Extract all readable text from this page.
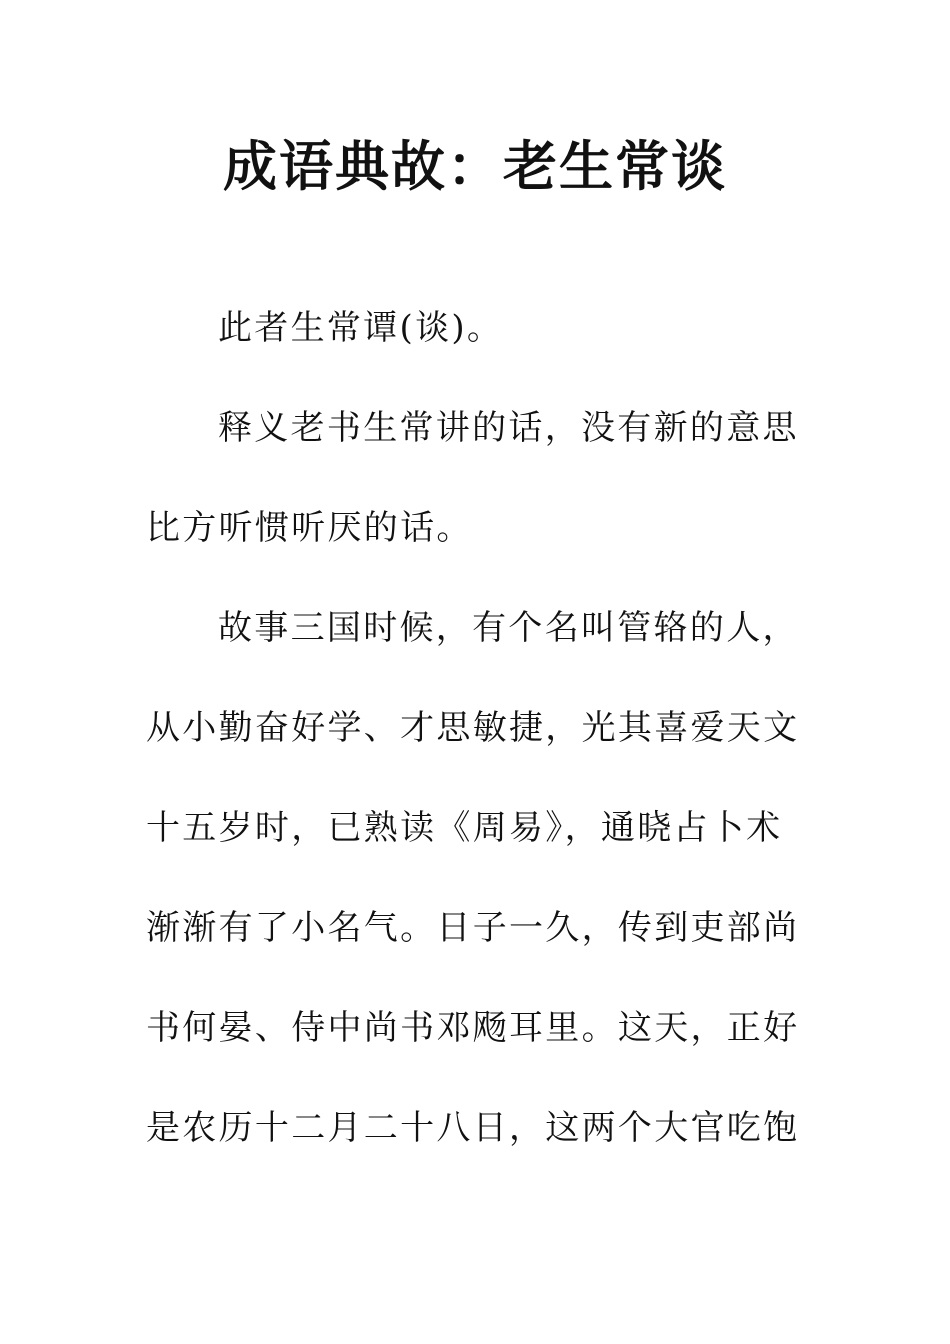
成语典故：老生常谈
此者生常谭(谈)。
释义老书生常讲的话，没有新的意思
比方听惯听厌的话。
故事三国时候，有个名叫管辂的人，
从小勤奋好学、才思敏捷，光其喜爱天文
十五岁时，已熟读《周易》，通晓占卜术
渐渐有了小名气。日子一久，传到吏部尚
书何晏、侍中尚书邓飏耳里。这天，正好
是农历十二月二十八日，这两个大官吃饱
